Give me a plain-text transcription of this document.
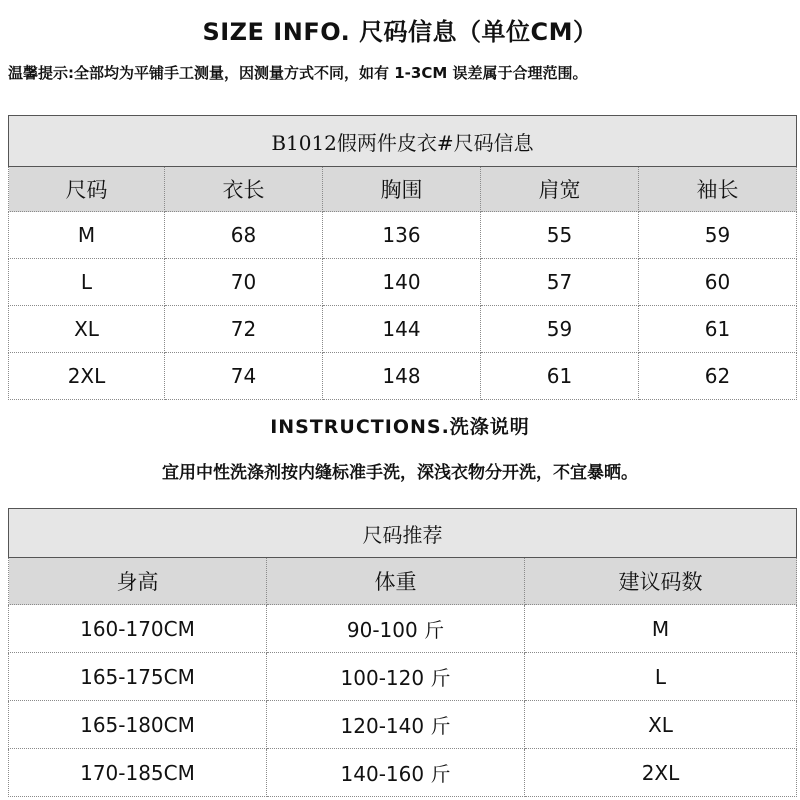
SIZE INFO. 尺码信息（单位CM）
温馨提示:全部均为平铺手工测量，因测量方式不同，如有 1-3CM 误差属于合理范围。
B1012假两件皮衣#尺码信息				
尺码	衣长	胸围	肩宽	袖长
M	68	136	55	59
L	70	140	57	60
XL	72	144	59	61
2XL	74	148	61	62
INSTRUCTIONS.洗涤说明
宜用中性洗涤剂按内缝标准手洗，深浅衣物分开洗，不宜暴晒。
尺码推荐		
身高	体重	建议码数
160-170CM	90-100 斤	M
165-175CM	100-120 斤	L
165-180CM	120-140 斤	XL
170-185CM	140-160 斤	2XL
